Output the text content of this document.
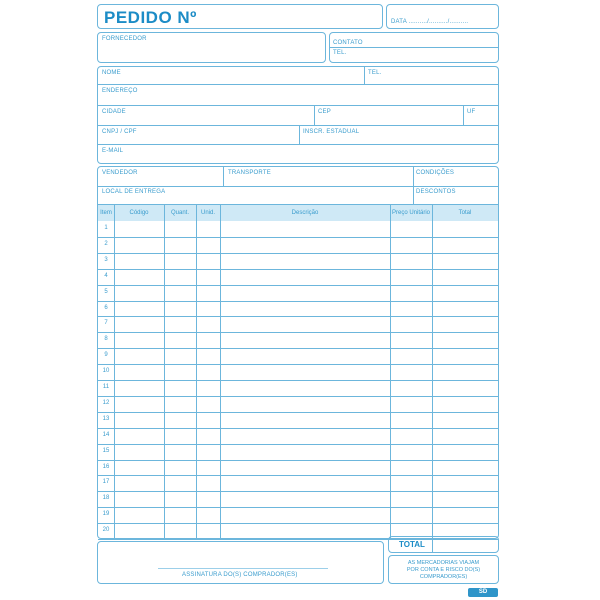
PEDIDO Nº	DATA ........../........../..........
FORNECEDOR
CONTATO
TEL.
NOME	TEL.
ENDEREÇO
CIDADE	CEP	UF
CNPJ / CPF	INSCR. ESTADUAL
E-MAIL
VENDEDOR	TRANSPORTE	CONDIÇÕES
LOCAL DE ENTREGA	DESCONTOS
Item	Código	Quant.	Unid.	Descrição	Preço Unitário	Total
1
2
3
4
5
6
7
8
9
10
11
12
13
14
15
16
17
18
19
20
ASSINATURA DO(S) COMPRADOR(ES)
TOTAL
AS MERCADORIAS VIAJAM
POR CONTA E RISCO DO(S)
COMPRADOR(ES)
SD
